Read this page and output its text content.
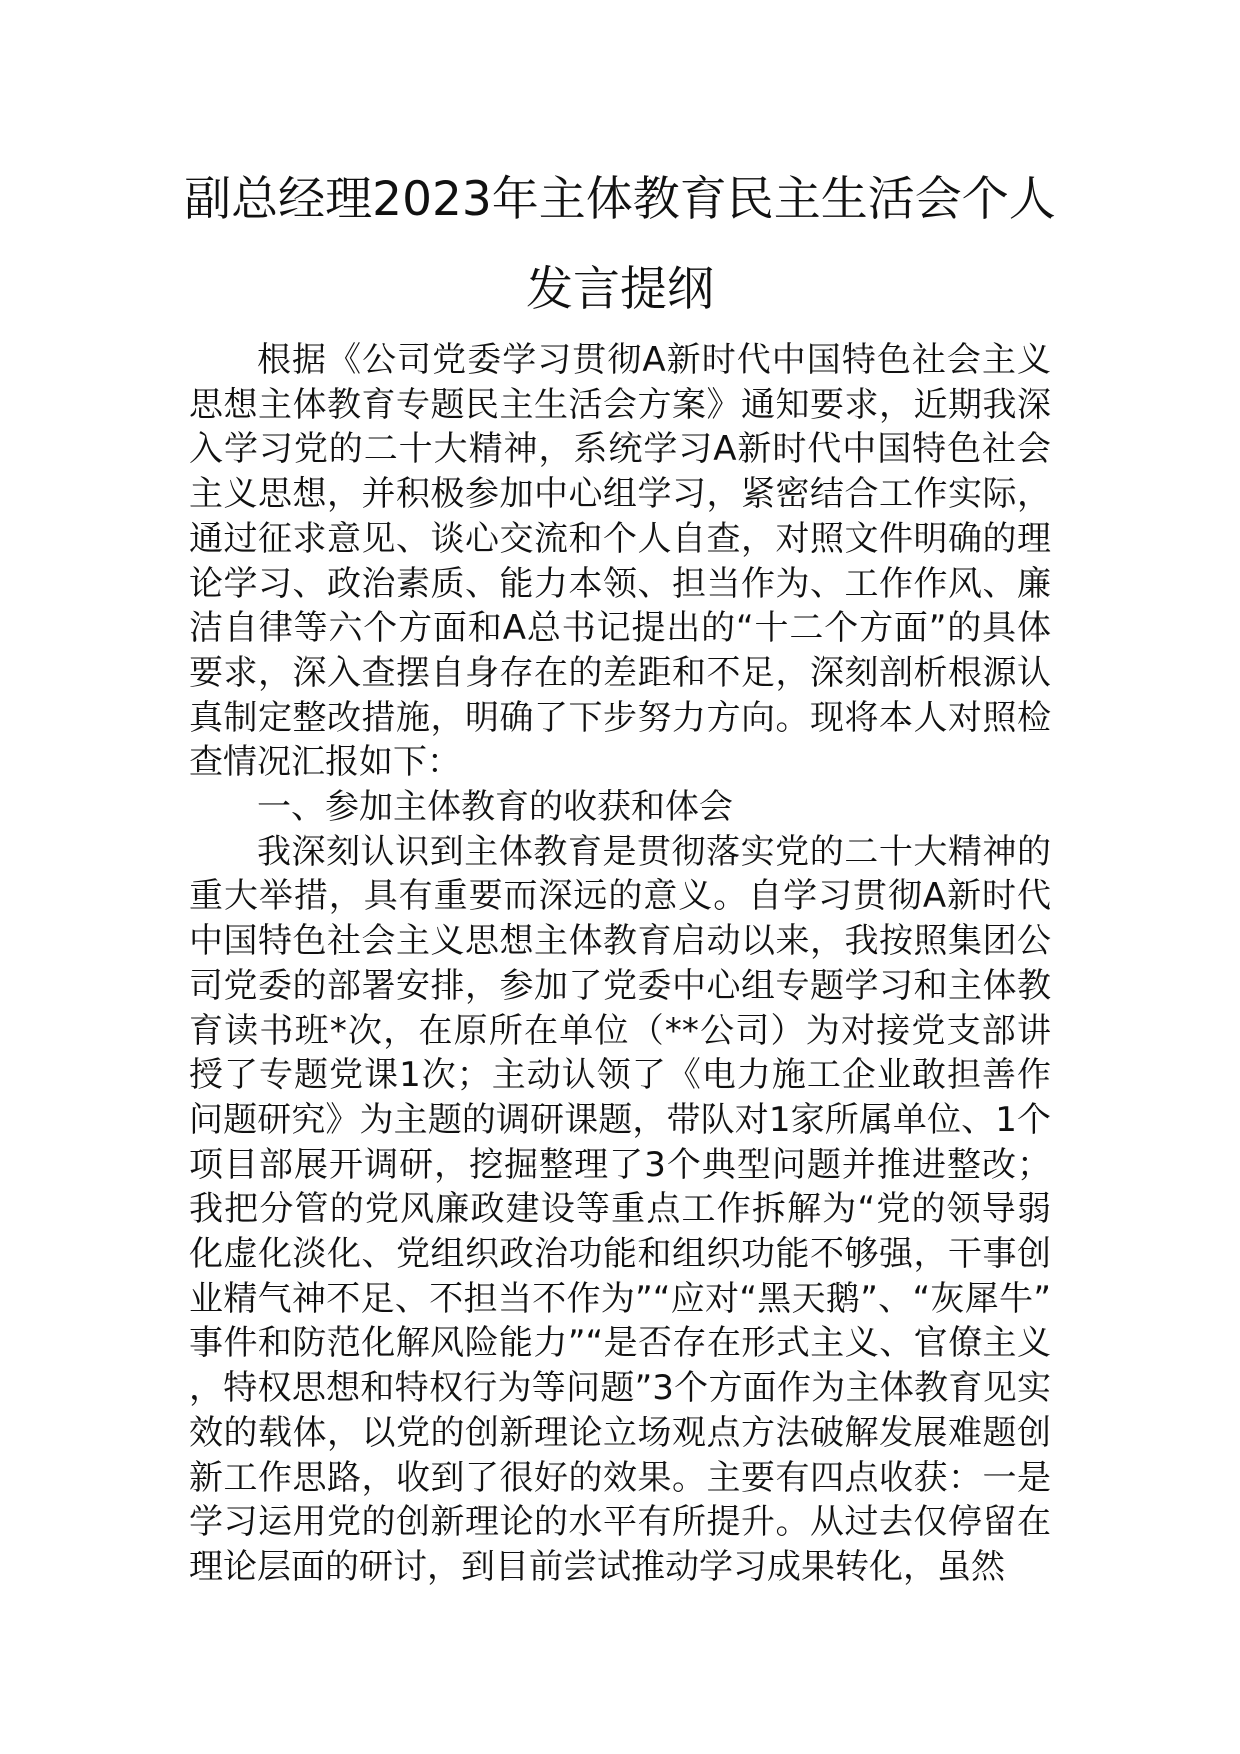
副总经理2023年主体教育民主生活会个人
发言提纲

根据《公司党委学习贯彻A新时代中国特色社会主义思想主体教育专题民主生活会方案》通知要求，近期我深入学习党的二十大精神，系统学习A新时代中国特色社会主义思想，并积极参加中心组学习，紧密结合工作实际，通过征求意见、谈心交流和个人自查，对照文件明确的理论学习、政治素质、能力本领、担当作为、工作作风、廉洁自律等六个方面和A总书记提出的“十二个方面”的具体要求，深入查摆自身存在的差距和不足，深刻剖析根源认真制定整改措施，明确了下步努力方向。现将本人对照检查情况汇报如下：

一、参加主体教育的收获和体会

我深刻认识到主体教育是贯彻落实党的二十大精神的重大举措，具有重要而深远的意义。自学习贯彻A新时代中国特色社会主义思想主体教育启动以来，我按照集团公司党委的部署安排，参加了党委中心组专题学习和主体教育读书班*次，在原所在单位（**公司）为对接党支部讲授了专题党课1次；主动认领了《电力施工企业敢担善作问题研究》为主题的调研课题，带队对1家所属单位、1个项目部展开调研，挖掘整理了3个典型问题并推进整改；我把分管的党风廉政建设等重点工作拆解为“党的领导弱化虚化淡化、党组织政治功能和组织功能不够强，干事创业精气神不足、不担当不作为”“应对“黑天鹅”、“灰犀牛”事件和防范化解风险能力”“是否存在形式主义、官僚主义，特权思想和特权行为等问题”3个方面作为主体教育见实效的载体，以党的创新理论立场观点方法破解发展难题创新工作思路，收到了很好的效果。主要有四点收获：一是学习运用党的创新理论的水平有所提升。从过去仅停留在理论层面的研讨，到目前尝试推动学习成果转化，虽然
